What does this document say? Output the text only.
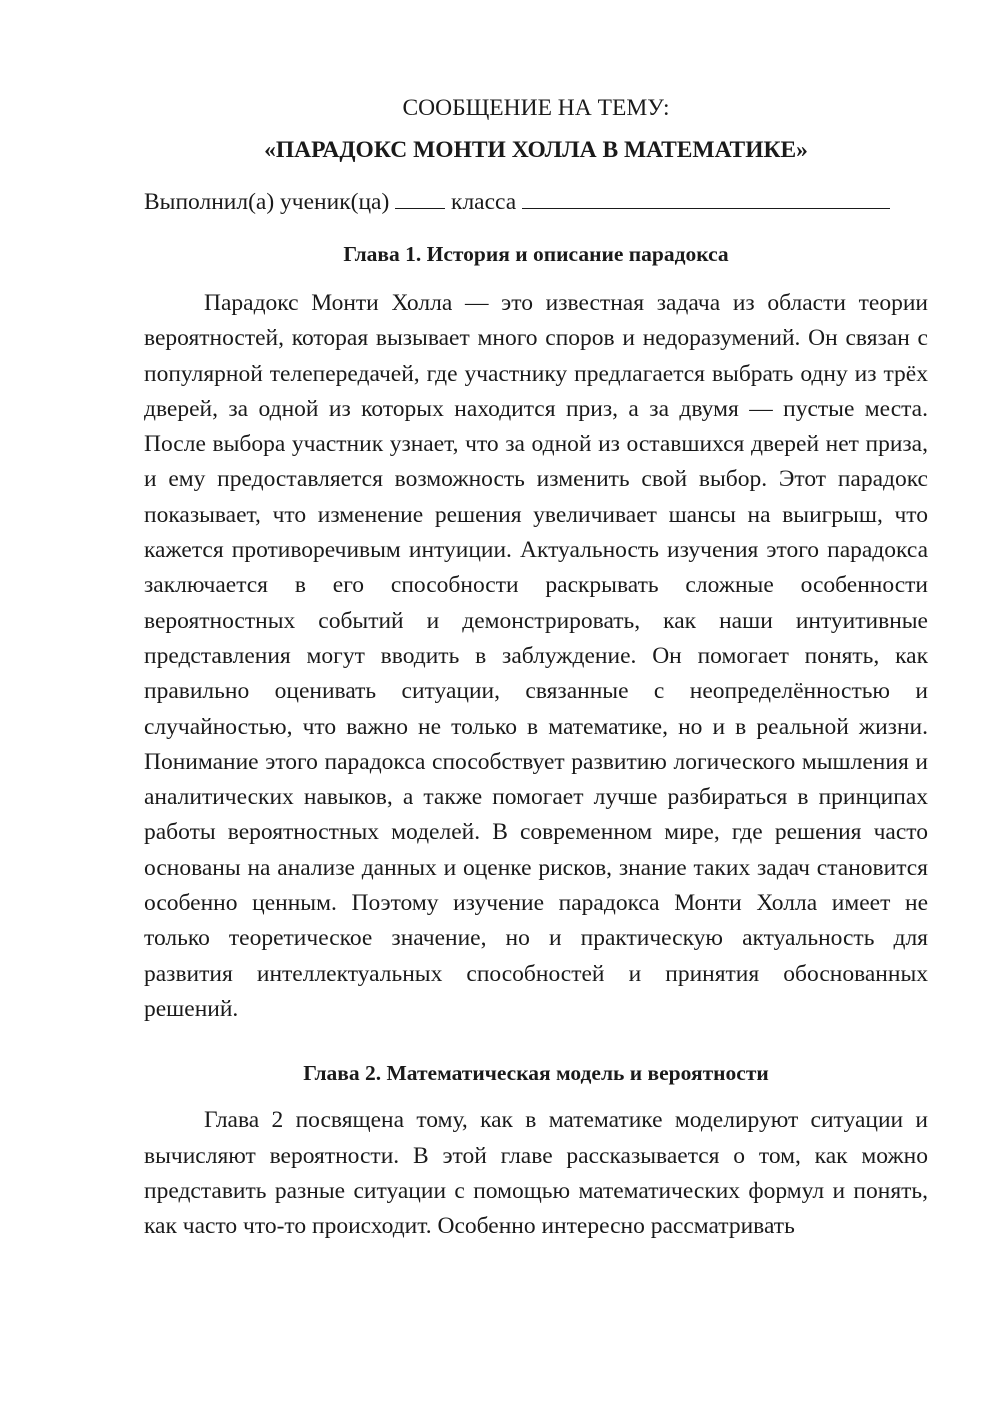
СООБЩЕНИЕ НА ТЕМУ:

«ПАРАДОКС МОНТИ ХОЛЛА В МАТЕМАТИКЕ»

Выполнил(а) ученик(ца)	класса

Глава 1. История и описание парадокса

Парадокс Монти Холла — это известная задача из области теории вероятностей, которая вызывает много споров и недоразумений. Он связан с популярной телепередачей, где участнику предлагается выбрать одну из трёх дверей, за одной из которых находится приз, а за двумя — пустые места. После выбора участник узнает, что за одной из оставшихся дверей нет приза, и ему предоставляется возможность изменить свой выбор. Этот парадокс показывает, что изменение решения увеличивает шансы на выигрыш, что кажется противоречивым интуиции. Актуальность изучения этого парадокса заключается в его способности раскрывать сложные особенности вероятностных событий и демонстрировать, как наши интуитивные представления могут вводить в заблуждение. Он помогает понять, как правильно оценивать ситуации, связанные с неопределённостью и случайностью, что важно не только в математике, но и в реальной жизни. Понимание этого парадокса способствует развитию логического мышления и аналитических навыков, а также помогает лучше разбираться в принципах работы вероятностных моделей. В современном мире, где решения часто основаны на анализе данных и оценке рисков, знание таких задач становится особенно ценным. Поэтому изучение парадокса Монти Холла имеет не только теоретическое значение, но и практическую актуальность для развития интеллектуальных способностей и принятия обоснованных решений.

Глава 2. Математическая модель и вероятности

Глава 2 посвящена тому, как в математике моделируют ситуации и вычисляют вероятности. В этой главе рассказывается о том, как можно представить разные ситуации с помощью математических формул и понять, как часто что-то происходит. Особенно интересно рассматривать
